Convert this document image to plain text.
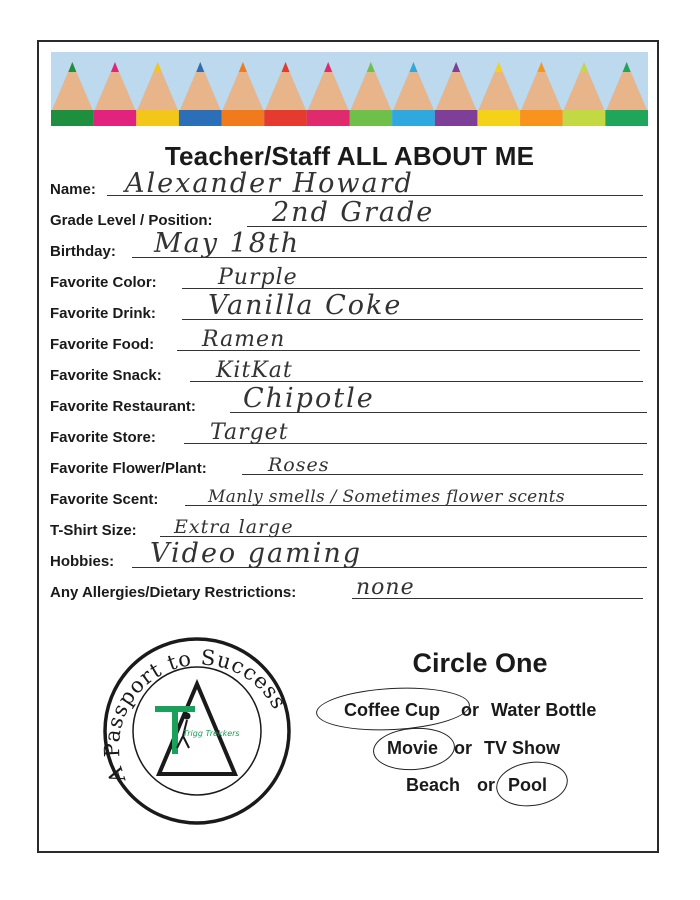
Teacher/Staff ALL ABOUT ME
Name: Alexander Howard
Grade Level / Position: 2nd Grade
Birthday: May 18th
Favorite Color:	Purple
Favorite Drink: Vanilla Coke
Favorite Food: Ramen
Favorite Snack: KitKat
Favorite Restaurant: Chipotle
Favorite Store: Target
Favorite Flower/Plant:	Roses
Favorite Scent:	Manly smells / Sometimes flower scents
T-Shirt Size: Extra large
Hobbies: Video gaming
Any Allergies/Dietary Restrictions:	none
A Passport to Success
Trigg Trekkers
Circle One
Coffee Cup or Water Bottle
Movie or TV Show
Beach or Pool
